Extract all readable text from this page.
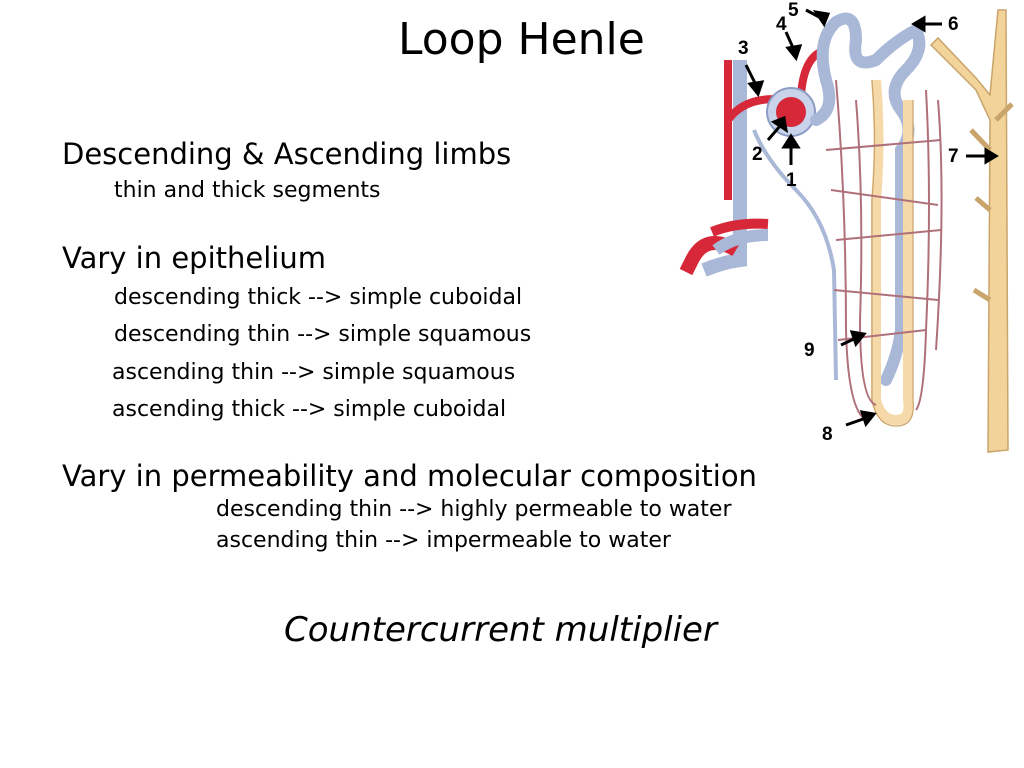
Loop Henle
Descending & Ascending limbs
thin and thick segments
Vary in epithelium
descending thick --> simple cuboidal
descending thin --> simple squamous
ascending thin --> simple squamous
ascending thick --> simple cuboidal
Vary in permeability and molecular composition
descending thin --> highly permeable to water
ascending thin --> impermeable to water
Countercurrent multiplier
1
2
3
4
5
6
7
8
9
